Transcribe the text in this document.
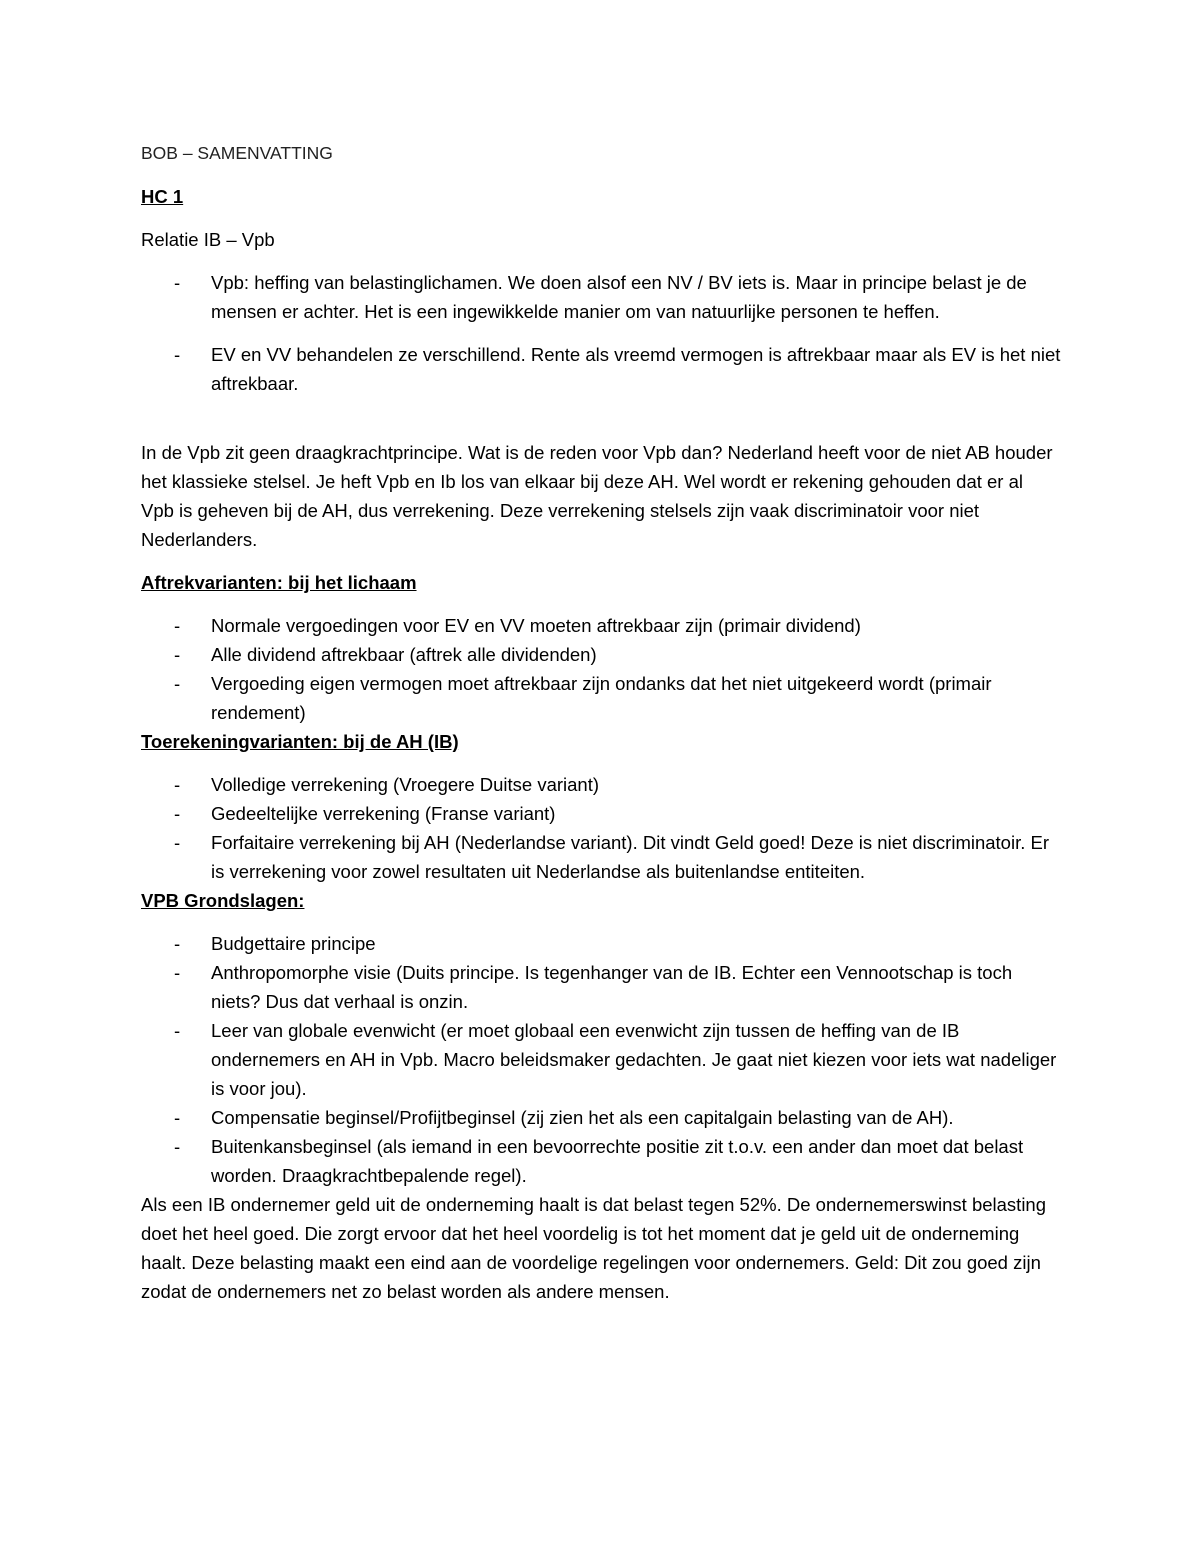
BOB – SAMENVATTING

HC 1

Relatie IB – Vpb

- Vpb: heffing van belastinglichamen. We doen alsof een NV / BV iets is. Maar in principe belast je de mensen er achter. Het is een ingewikkelde manier om van natuurlijke personen te heffen.
- EV en VV behandelen ze verschillend. Rente als vreemd vermogen is aftrekbaar maar als EV is het niet aftrekbaar.

In de Vpb zit geen draagkrachtprincipe. Wat is de reden voor Vpb dan? Nederland heeft voor de niet AB houder het klassieke stelsel. Je heft Vpb en Ib los van elkaar bij deze AH. Wel wordt er rekening gehouden dat er al Vpb is geheven bij de AH, dus verrekening. Deze verrekening stelsels zijn vaak discriminatoir voor niet Nederlanders.

Aftrekvarianten: bij het lichaam

- Normale vergoedingen voor EV en VV moeten aftrekbaar zijn (primair dividend)
- Alle dividend aftrekbaar (aftrek alle dividenden)
- Vergoeding eigen vermogen moet aftrekbaar zijn ondanks dat het niet uitgekeerd wordt (primair rendement)

Toerekeningvarianten: bij de AH (IB)

- Volledige verrekening (Vroegere Duitse variant)
- Gedeeltelijke verrekening (Franse variant)
- Forfaitaire verrekening bij AH (Nederlandse variant). Dit vindt Geld goed! Deze is niet discriminatoir. Er is verrekening voor zowel resultaten uit Nederlandse als buitenlandse entiteiten.

VPB Grondslagen:

- Budgettaire principe
- Anthropomorphe visie (Duits principe. Is tegenhanger van de IB. Echter een Vennootschap is toch niets? Dus dat verhaal is onzin.
- Leer van globale evenwicht (er moet globaal een evenwicht zijn tussen de heffing van de IB ondernemers en AH in Vpb. Macro beleidsmaker gedachten. Je gaat niet kiezen voor iets wat nadeliger is voor jou).
- Compensatie beginsel/Profijtbeginsel (zij zien het als een capitalgain belasting van de AH).
- Buitenkansbeginsel (als iemand in een bevoorrechte positie zit t.o.v. een ander dan moet dat belast worden. Draagkrachtbepalende regel).

Als een IB ondernemer geld uit de onderneming haalt is dat belast tegen 52%. De ondernemerswinst belasting doet het heel goed. Die zorgt ervoor dat het heel voordelig is tot het moment dat je geld uit de onderneming haalt. Deze belasting maakt een eind aan de voordelige regelingen voor ondernemers. Geld: Dit zou goed zijn zodat de ondernemers net zo belast worden als andere mensen.
